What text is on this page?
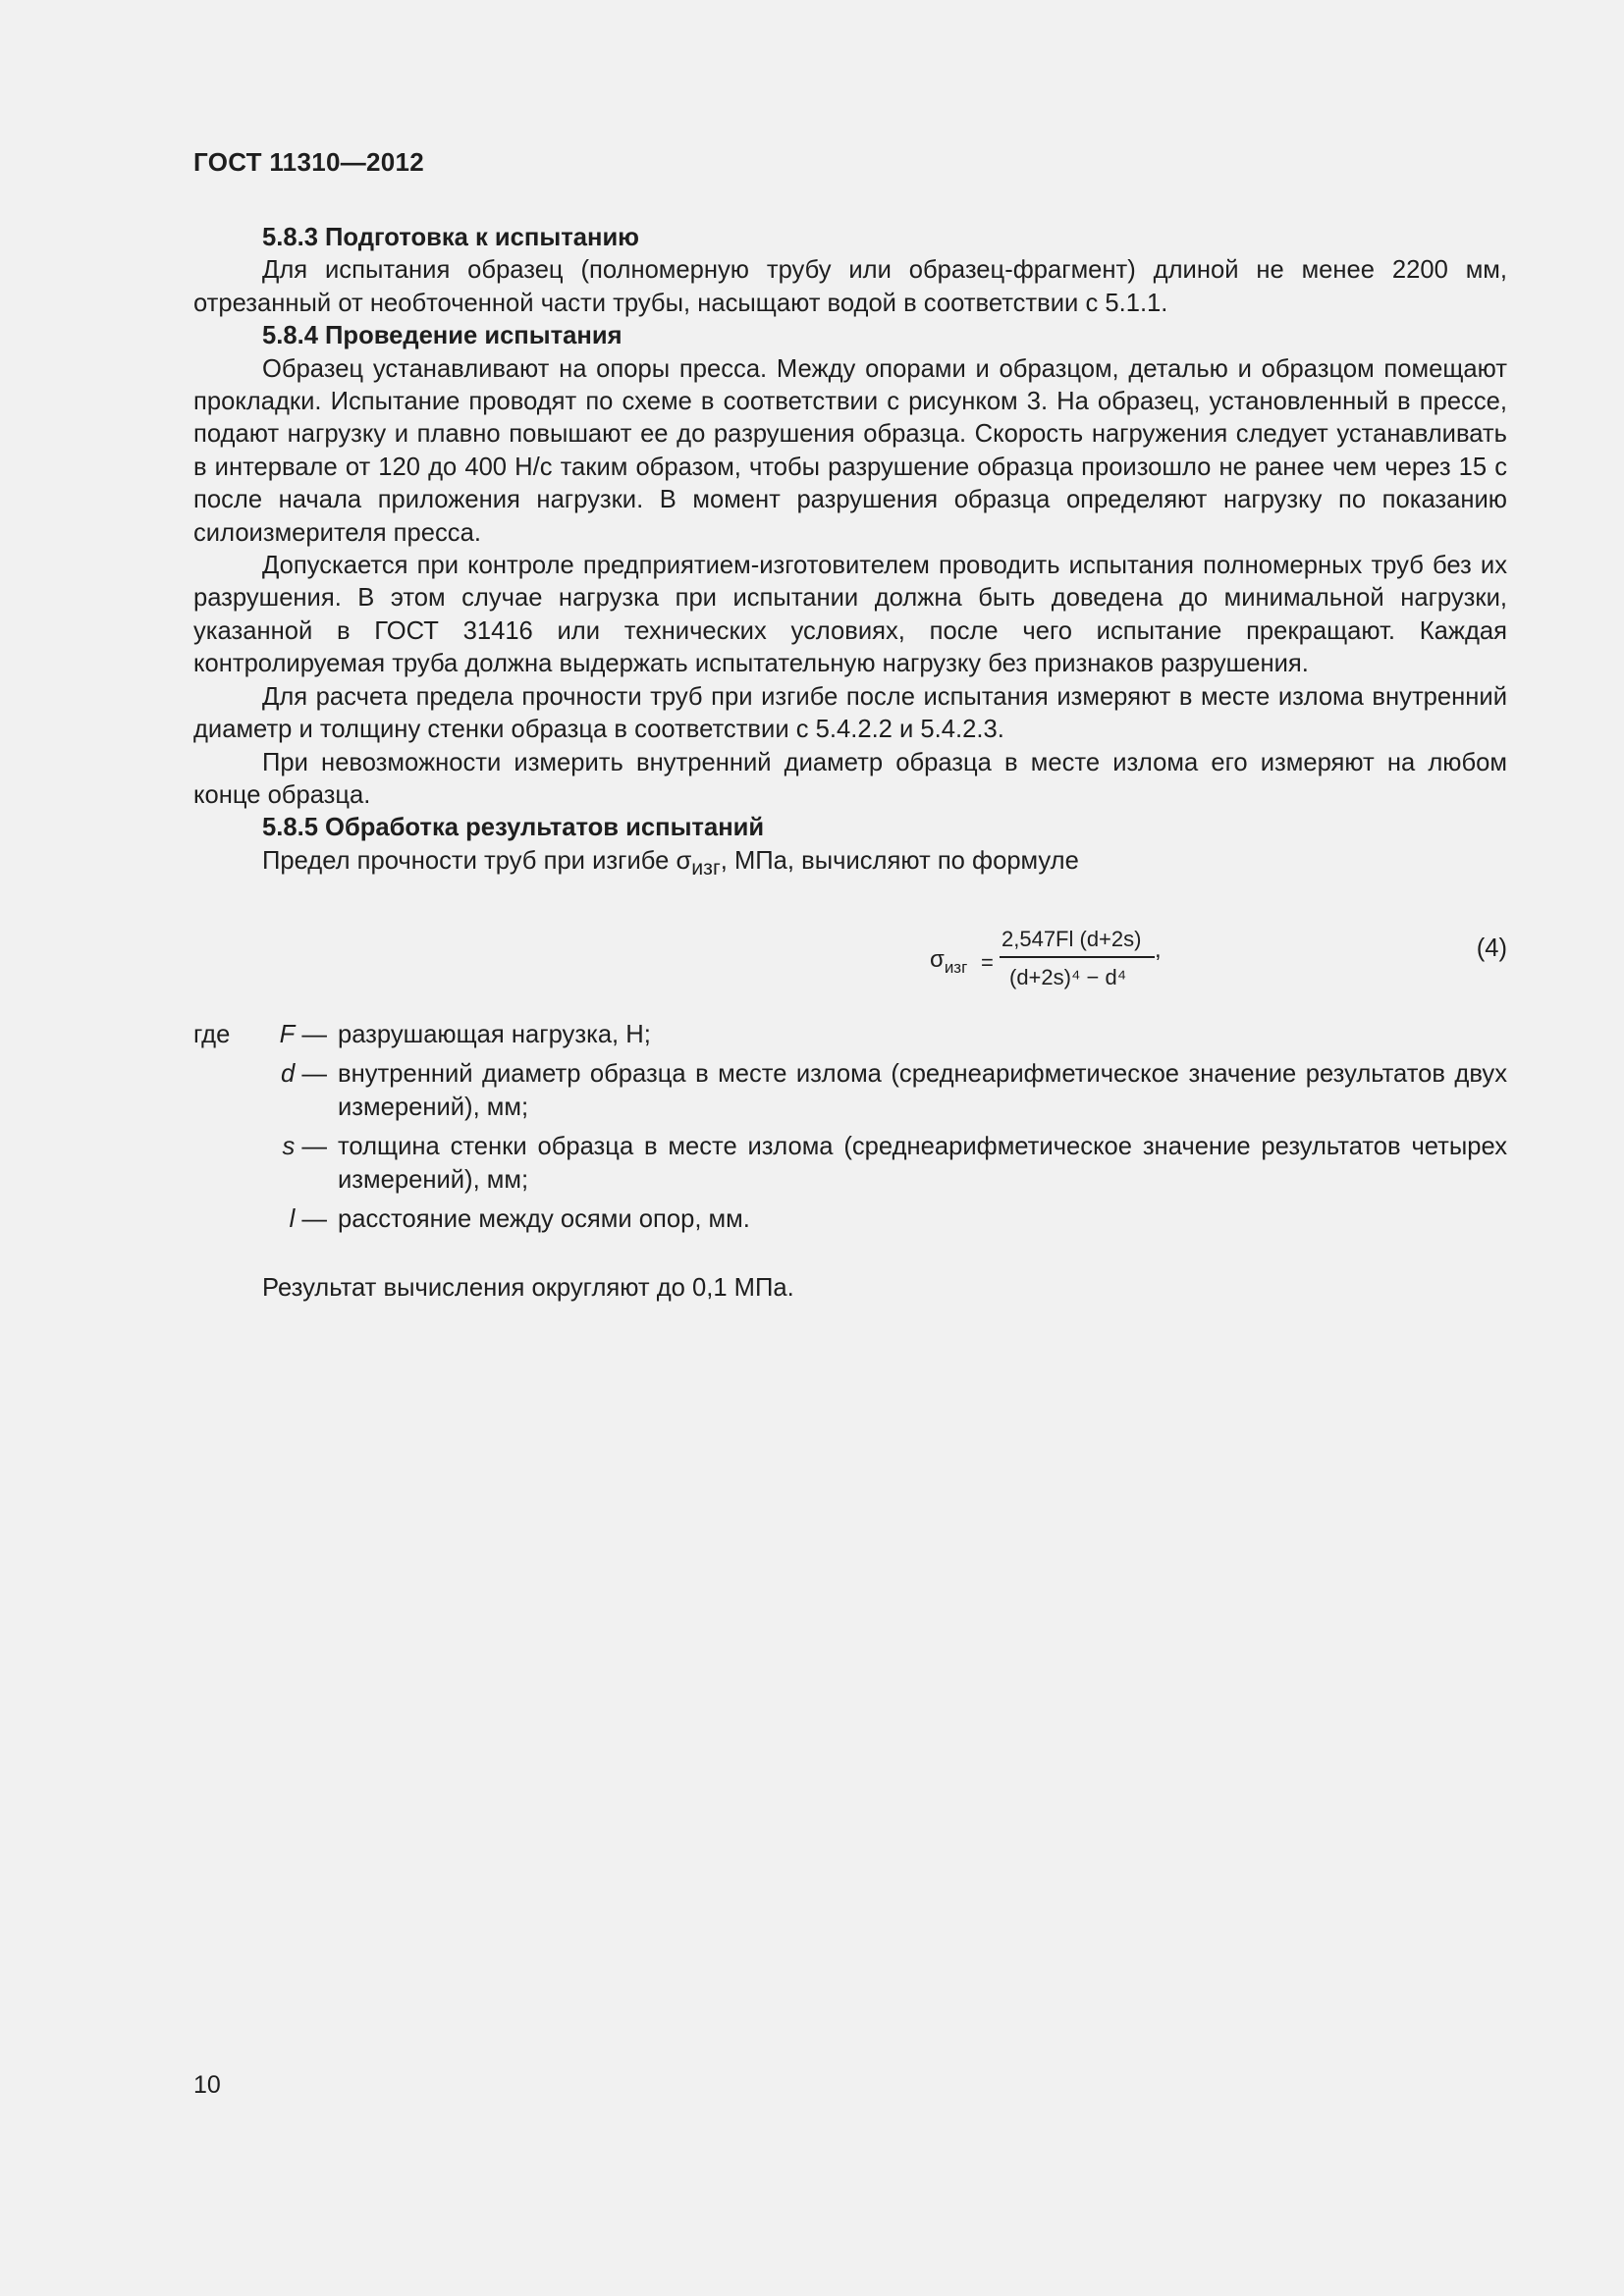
ГОСТ 11310—2012

5.8.3 Подготовка к испытанию

Для испытания образец (полномерную трубу или образец-фрагмент) длиной не менее 2200 мм, отрезанный от необточенной части трубы, насыщают водой в соответствии с 5.1.1.

5.8.4 Проведение испытания

Образец устанавливают на опоры пресса. Между опорами и образцом, деталью и образцом помещают прокладки. Испытание проводят по схеме в соответствии с рисунком 3. На образец, установленный в прессе, подают нагрузку и плавно повышают ее до разрушения образца. Скорость нагружения следует устанавливать в интервале от 120 до 400 Н/с таким образом, чтобы разрушение образца произошло не ранее чем через 15 с после начала приложения нагрузки. В момент разрушения образца определяют нагрузку по показанию силоизмерителя пресса.

Допускается при контроле предприятием-изготовителем проводить испытания полномерных труб без их разрушения. В этом случае нагрузка при испытании должна быть доведена до минимальной нагрузки, указанной в ГОСТ 31416 или технических условиях, после чего испытание прекращают. Каждая контролируемая труба должна выдержать испытательную нагрузку без признаков разрушения.

Для расчета предела прочности труб при изгибе после испытания измеряют в месте излома внутренний диаметр и толщину стенки образца в соответствии с 5.4.2.2 и 5.4.2.3.

При невозможности измерить внутренний диаметр образца в месте излома его измеряют на любом конце образца.

5.8.5 Обработка результатов испытаний

Предел прочности труб при изгибе $\sigma_{изг}$, МПа, вычисляют по формуле

$\sigma_{изг}$ =
2,547Fl (d+2s)
(d+2s)⁴ − d⁴
,	(4)
где	F — разрушающая нагрузка, Н;
d — внутренний диаметр образца в месте излома (среднеарифметическое значение результатов двух измерений), мм;
s — толщина стенки образца в месте излома (среднеарифметическое значение результатов четырех измерений), мм;
l — расстояние между осями опор, мм.
Результат вычисления округляют до 0,1 МПа.
10
